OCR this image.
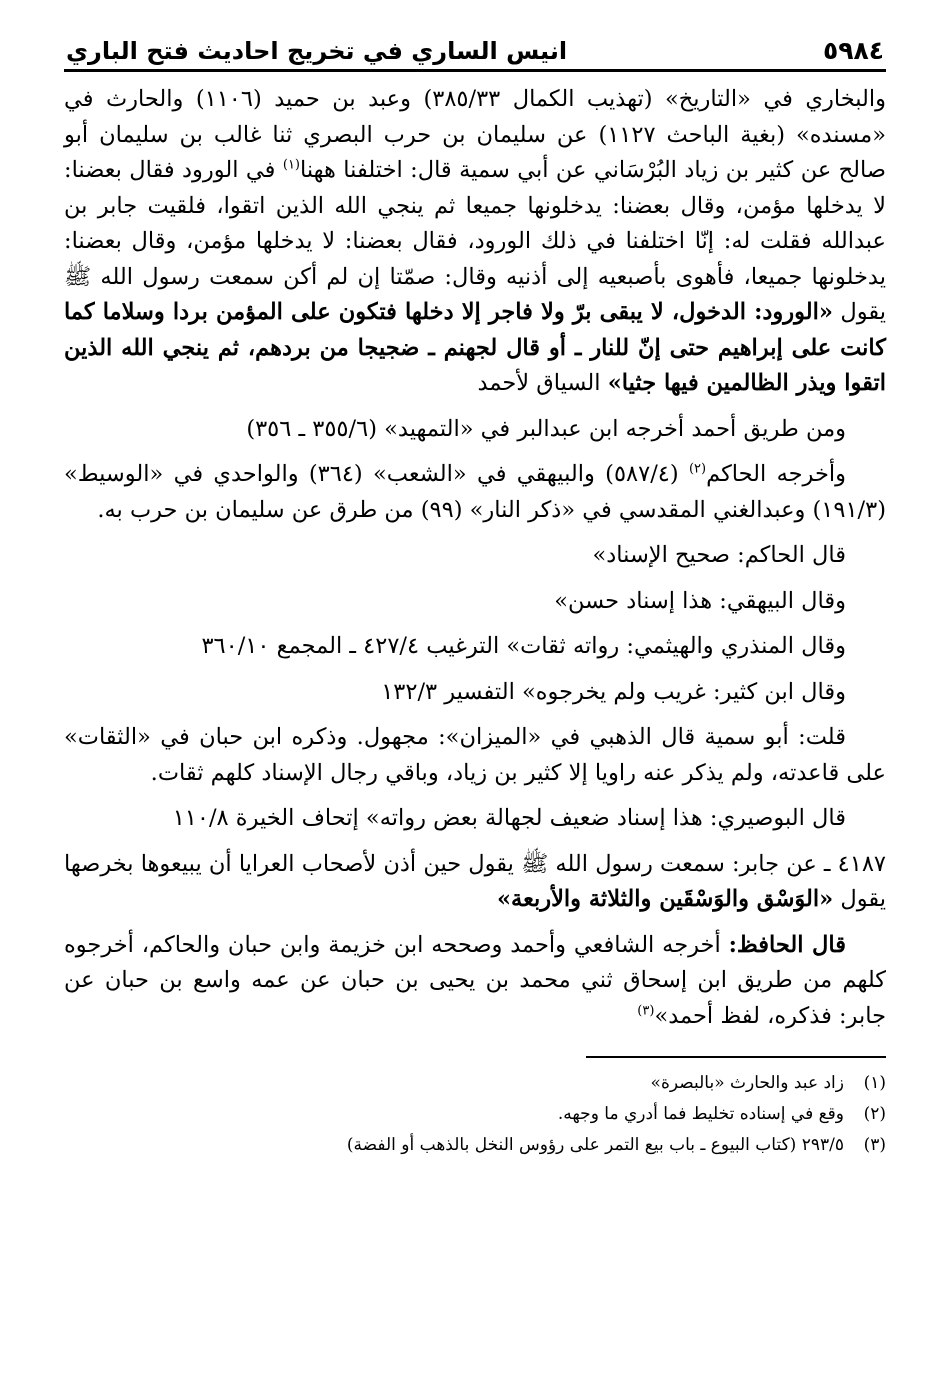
٥٩٨٤
انيس الساري في تخريج احاديث فتح الباري

والبخاري في «التاريخ» (تهذيب الكمال ٣٨٥/٣٣) وعبد بن حميد (١١٠٦) والحارث في «مسنده» (بغية الباحث ١١٢٧) عن سليمان بن حرب البصري ثنا غالب بن سليمان أبو صالح عن كثير بن زياد البُرْسَاني عن أبي سمية قال: اختلفنا ههنا$^{(١)}$ في الورود فقال بعضنا: لا يدخلها مؤمن، وقال بعضنا: يدخلونها جميعا ثم ينجي الله الذين اتقوا، فلقيت جابر بن عبدالله فقلت له: إنّا اختلفنا في ذلك الورود، فقال بعضنا: لا يدخلها مؤمن، وقال بعضنا: يدخلونها جميعا، فأهوى بأصبعيه إلى أذنيه وقال: صمّتا إن لم أكن سمعت رسول الله ﷺ يقول «الورود: الدخول، لا يبقى برّ ولا فاجر إلا دخلها فتكون على المؤمن بردا وسلاما كما كانت على إبراهيم حتى إنّ للنار ـ أو قال لجهنم ـ ضجيجا من بردهم، ثم ينجي الله الذين اتقوا ويذر الظالمين فيها جثيا» السياق لأحمد

ومن طريق أحمد أخرجه ابن عبدالبر في «التمهيد» (٣٥٥/٦ ـ ٣٥٦)

وأخرجه الحاكم$^{(٢)}$ (٥٨٧/٤) والبيهقي في «الشعب» (٣٦٤) والواحدي في «الوسيط» (١٩١/٣) وعبدالغني المقدسي في «ذكر النار» (٩٩) من طرق عن سليمان بن حرب به.

قال الحاكم: صحيح الإسناد»

وقال البيهقي: هذا إسناد حسن»

وقال المنذري والهيثمي: رواته ثقات» الترغيب ٤٢٧/٤ ـ المجمع ٣٦٠/١٠

وقال ابن كثير: غريب ولم يخرجوه» التفسير ١٣٢/٣

قلت: أبو سمية قال الذهبي في «الميزان»: مجهول. وذكره ابن حبان في «الثقات» على قاعدته، ولم يذكر عنه راويا إلا كثير بن زياد، وباقي رجال الإسناد كلهم ثقات.

قال البوصيري: هذا إسناد ضعيف لجهالة بعض رواته» إتحاف الخيرة ١١٠/٨

٤١٨٧ ـ عن جابر: سمعت رسول الله ﷺ يقول حين أذن لأصحاب العرايا أن يبيعوها بخرصها يقول «الوَسْق والوَسْقَين والثلاثة والأربعة»

قال الحافظ: أخرجه الشافعي وأحمد وصححه ابن خزيمة وابن حبان والحاكم، أخرجوه كلهم من طريق ابن إسحاق ثني محمد بن يحيى بن حبان عن عمه واسع بن حبان عن جابر: فذكره، لفظ أحمد»$^{(٣)}$

(١)
زاد عبد والحارث «بالبصرة»
(٢)
وقع في إسناده تخليط فما أدري ما وجهه.
(٣)
٢٩٣/٥ (كتاب البيوع ـ باب بيع التمر على رؤوس النخل بالذهب أو الفضة)
